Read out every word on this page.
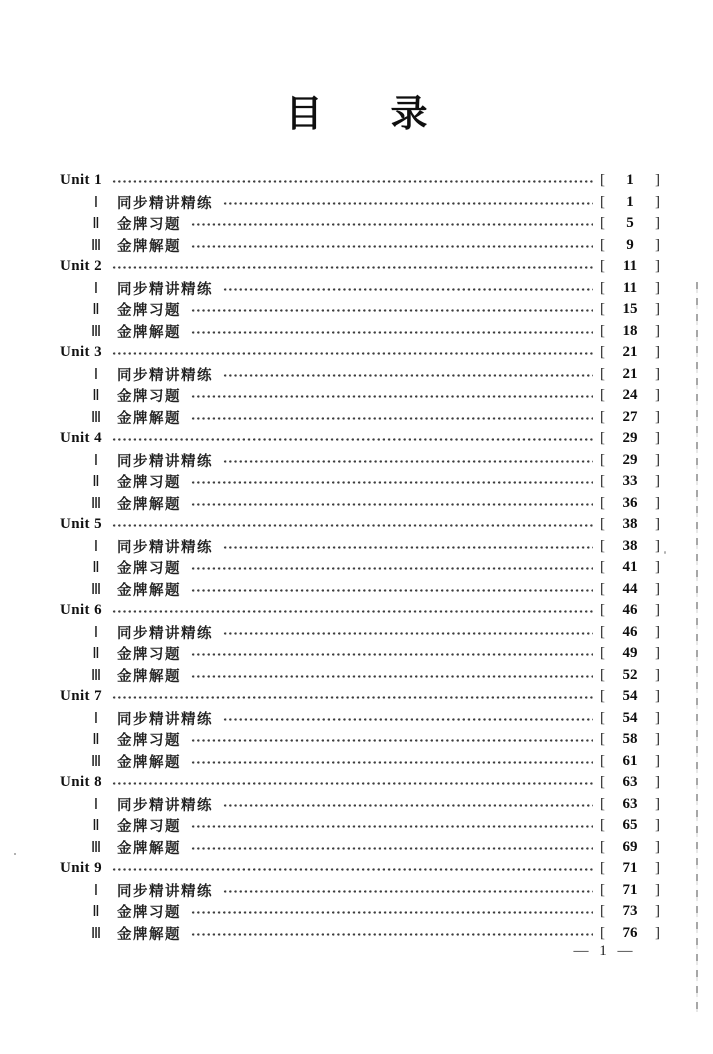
目 录
Unit 1	[	1	]
Ⅰ	同步精讲精练	[	1	]
Ⅱ	金牌习题	[	5	]
Ⅲ 金牌解题	[	9	]
Unit 2	[	11	]
Ⅰ	同步精讲精练	[	11	]
Ⅱ	金牌习题	[	15	]
Ⅲ 金牌解题	[	18	]
Unit 3	[	21	]
Ⅰ	同步精讲精练	[	21	]
Ⅱ	金牌习题	[	24	]
Ⅲ 金牌解题	[	27	]
Unit 4	[	29	]
Ⅰ	同步精讲精练	[	29	]
Ⅱ	金牌习题	[	33	]
Ⅲ 金牌解题	[	36	]
Unit 5	[	38	]
Ⅰ	同步精讲精练	[	38	]
Ⅱ	金牌习题	[	41	]
Ⅲ 金牌解题	[	44	]
Unit 6	[	46	]
Ⅰ	同步精讲精练	[	46	]
Ⅱ	金牌习题	[	49	]
Ⅲ 金牌解题	[	52	]
Unit 7	[	54	]
Ⅰ	同步精讲精练	[	54	]
Ⅱ	金牌习题	[	58	]
Ⅲ 金牌解题	[	61	]
Unit 8	[	63	]
Ⅰ	同步精讲精练	[	63	]
Ⅱ	金牌习题	[	65	]
Ⅲ 金牌解题	[	69	]
Unit 9	[	71	]
Ⅰ	同步精讲精练	[	71	]
Ⅱ	金牌习题	[	73	]
Ⅲ 金牌解题	[	76	]
— 1 —
